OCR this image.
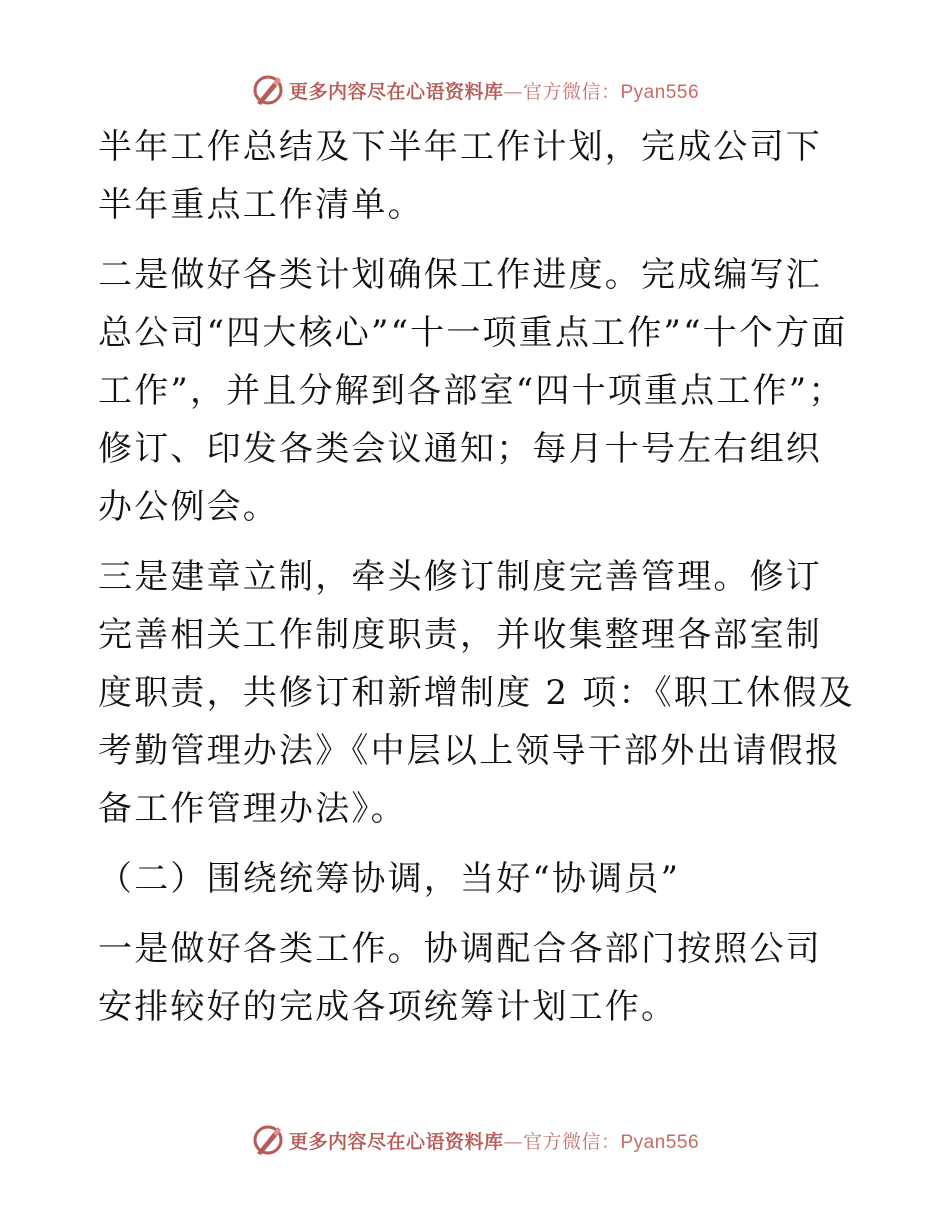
更多内容尽在心语资料库—官方微信：Pyan556

半年工作总结及下半年工作计划，完成公司下半年重点工作清单。

二是做好各类计划确保工作进度。完成编写汇总公司“四大核心”“十一项重点工作”“十个方面工作”，并且分解到各部室“四十项重点工作”；修订、印发各类会议通知；每月十号左右组织办公例会。

三是建章立制，牵头修订制度完善管理。修订完善相关工作制度职责，并收集整理各部室制度职责，共修订和新增制度 2 项：《职工休假及考勤管理办法》《中层以上领导干部外出请假报备工作管理办法》。

（二）围绕统筹协调，当好“协调员”

一是做好各类工作。协调配合各部门按照公司安排较好的完成各项统筹计划工作。

更多内容尽在心语资料库—官方微信：Pyan556
